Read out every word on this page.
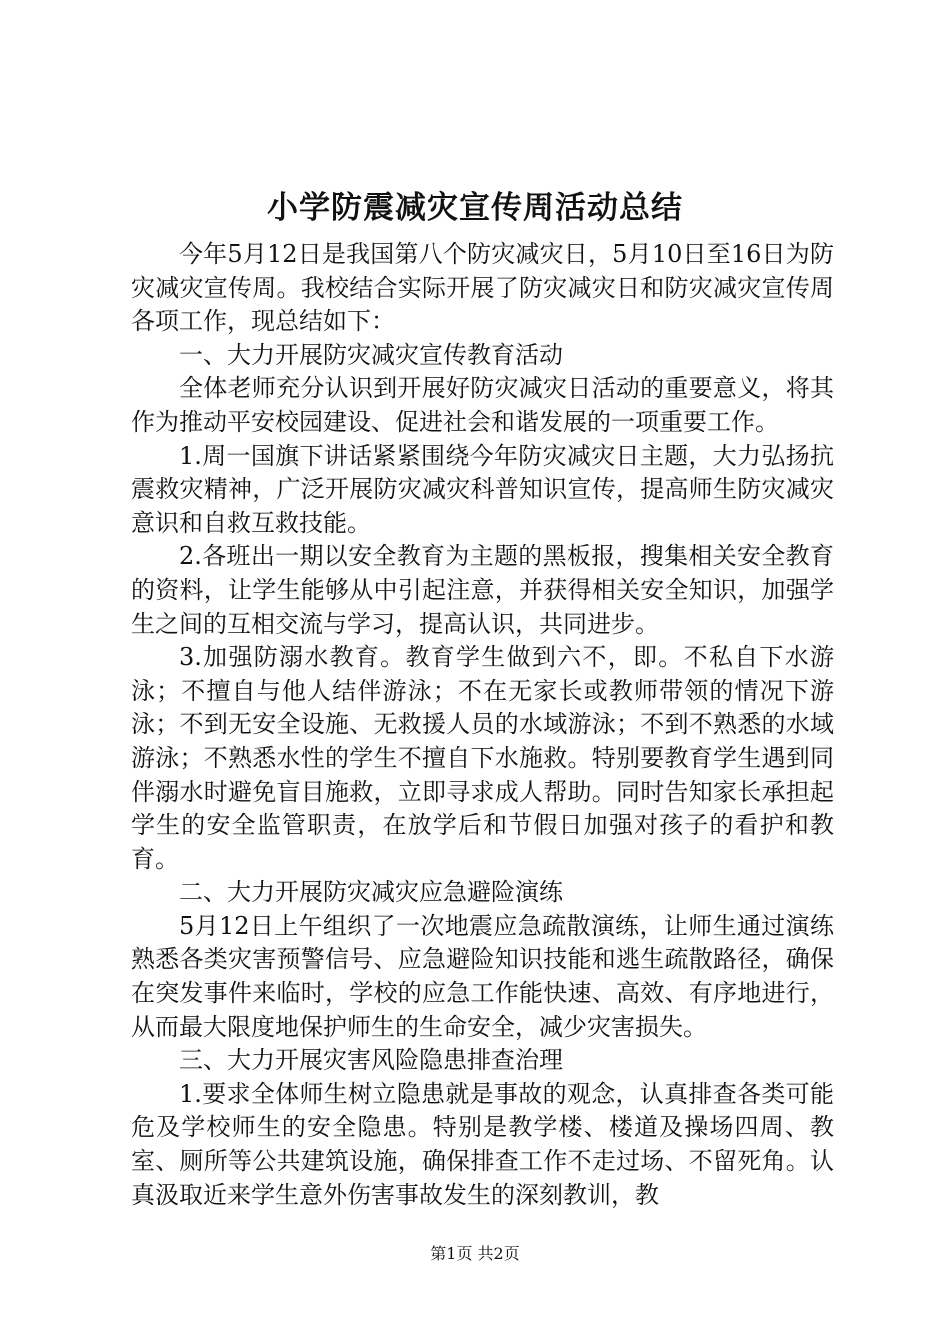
小学防震减灾宣传周活动总结

今年5月12日是我国第八个防灾减灾日，5月10日至16日为防灾减灾宣传周。我校结合实际开展了防灾减灾日和防灾减灾宣传周各项工作，现总结如下：

一、大力开展防灾减灾宣传教育活动

全体老师充分认识到开展好防灾减灾日活动的重要意义，将其作为推动平安校园建设、促进社会和谐发展的一项重要工作。

1.周一国旗下讲话紧紧围绕今年防灾减灾日主题，大力弘扬抗震救灾精神，广泛开展防灾减灾科普知识宣传，提高师生防灾减灾意识和自救互救技能。

2.各班出一期以安全教育为主题的黑板报，搜集相关安全教育的资料，让学生能够从中引起注意，并获得相关安全知识，加强学生之间的互相交流与学习，提高认识，共同进步。

3.加强防溺水教育。教育学生做到六不，即。不私自下水游泳；不擅自与他人结伴游泳；不在无家长或教师带领的情况下游泳；不到无安全设施、无救援人员的水域游泳；不到不熟悉的水域游泳；不熟悉水性的学生不擅自下水施救。特别要教育学生遇到同伴溺水时避免盲目施救，立即寻求成人帮助。同时告知家长承担起学生的安全监管职责，在放学后和节假日加强对孩子的看护和教育。

二、大力开展防灾减灾应急避险演练

5月12日上午组织了一次地震应急疏散演练，让师生通过演练熟悉各类灾害预警信号、应急避险知识技能和逃生疏散路径，确保在突发事件来临时，学校的应急工作能快速、高效、有序地进行，从而最大限度地保护师生的生命安全，减少灾害损失。

三、大力开展灾害风险隐患排查治理

1.要求全体师生树立隐患就是事故的观念，认真排查各类可能危及学校师生的安全隐患。特别是教学楼、楼道及操场四周、教室、厕所等公共建筑设施，确保排查工作不走过场、不留死角。认真汲取近来学生意外伤害事故发生的深刻教训，教

第1页 共2页
